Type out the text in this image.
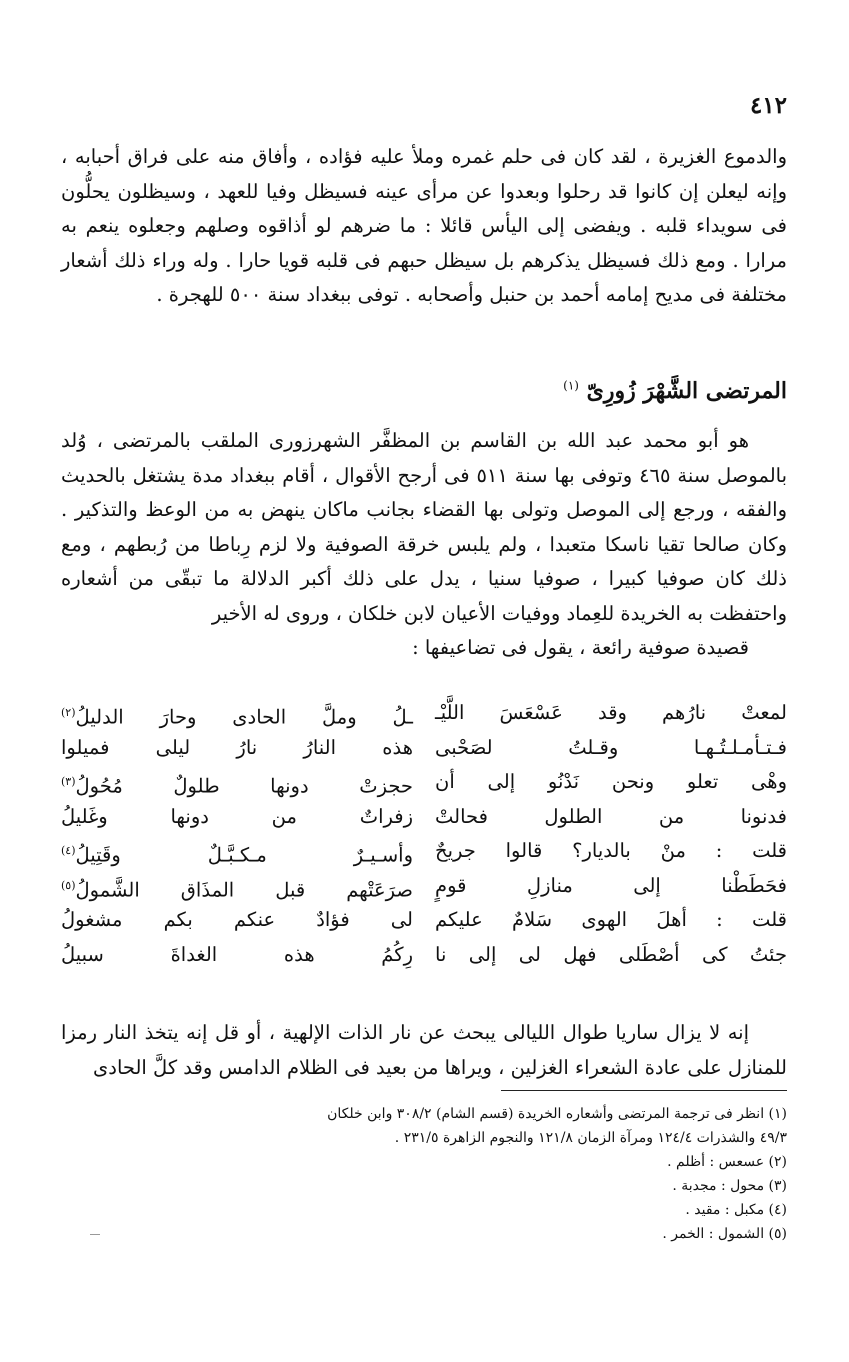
٤١٢

والدموع الغزيرة ، لقد كان فى حلم غمره وملأ عليه فؤاده ، وأفاق منه على فراق أحبابه ، وإنه ليعلن إن كانوا قد رحلوا وبعدوا عن مرأى عينه فسيظل وفيا للعهد ، وسيظلون يحلُّون فى سويداء قلبه . ويفضى إلى اليأس قائلا : ما ضرهم لو أذاقوه وصلهم وجعلوه ينعم به مرارا . ومع ذلك فسيظل يذكرهم بل سيظل حبهم فى قلبه قويا حارا . وله وراء ذلك أشعار مختلفة فى مديح إمامه أحمد بن حنبل وأصحابه . توفى ببغداد سنة ٥٠٠ للهجرة .

المرتضى الشَّهْرَ زُورِىّ $^{(١)}$

هو أبو محمد عبد الله بن القاسم بن المظفَّر الشهرزورى الملقب بالمرتضى ، وُلد بالموصل سنة ٤٦٥ وتوفى بها سنة ٥١١ فى أرجح الأقوال ، أقام ببغداد مدة يشتغل بالحديث والفقه ، ورجع إلى الموصل وتولى بها القضاء بجانب ماكان ينهض به من الوعظ والتذكير . وكان صالحا تقيا ناسكا متعبدا ، ولم يلبس خرقة الصوفية ولا لزم رِباطا من رُبطهم ، ومع ذلك كان صوفيا كبيرا ، صوفيا سنيا ، يدل على ذلك أكبر الدلالة ما تبقّى من أشعاره واحتفظت به الخريدة للعِماد ووفيات الأعيان لابن خلكان ، وروى له الأخير

قصيدة صوفية رائعة ، يقول فى تضاعيفها :

لمعتْ نارُهم وقد عَسْعَسَ اللَّيْـ
ـلُ وملَّ الحادى وحارَ الدليلُ$^{(٢)}$
فـتـأمـلـتُـهـا وقـلتُ لصَحْبى
هذه النارُ نارُ ليلى فميلوا
وهْى تعلو ونحن نَدْنُو إلى أن
حجزتْ دونها طلولٌ مُحُولُ$^{(٣)}$
فدنونا من الطلول فحالتْ
زفراتٌ من دونها وغَليلُ
قلت : منْ بالديار؟ قالوا جريحٌ
وأسـيـرٌ مـكـبَّـلٌ وقَتِيلُ$^{(٤)}$
فحَطَطْنا إلى منازلِ قومٍ
صرَعَتْهم قبل المذَاق الشَّمولُ$^{(٥)}$
قلت : أهلَ الهوى سَلامٌ عليكم
لى فؤادٌ عنكم بكم مشغولُ
جئتُ كى أصْطَلى فهل لى إلى نا
رِكُمُ هذه الغداةَ سبيلُ

إنه لا يزال ساريا طوال الليالى يبحث عن نار الذات الإلهية ، أو قل إنه يتخذ النار رمزا للمنازل على عادة الشعراء الغزلين ، ويراها من بعيد فى الظلام الدامس وقد كلَّ الحادى

(١) انظر فى ترجمة المرتضى وأشعاره الخريدة (قسم الشام) ٣٠٨/٢ وابن خلكان ٤٩/٣ والشذرات ١٢٤/٤ ومرآة الزمان ١٢١/٨ والنجوم الزاهرة ٢٣١/٥ .
(٢) عسعس : أظلم .
(٣) محول : مجدبة .
(٤) مكبل : مقيد .
(٥) الشمول : الخمر .
